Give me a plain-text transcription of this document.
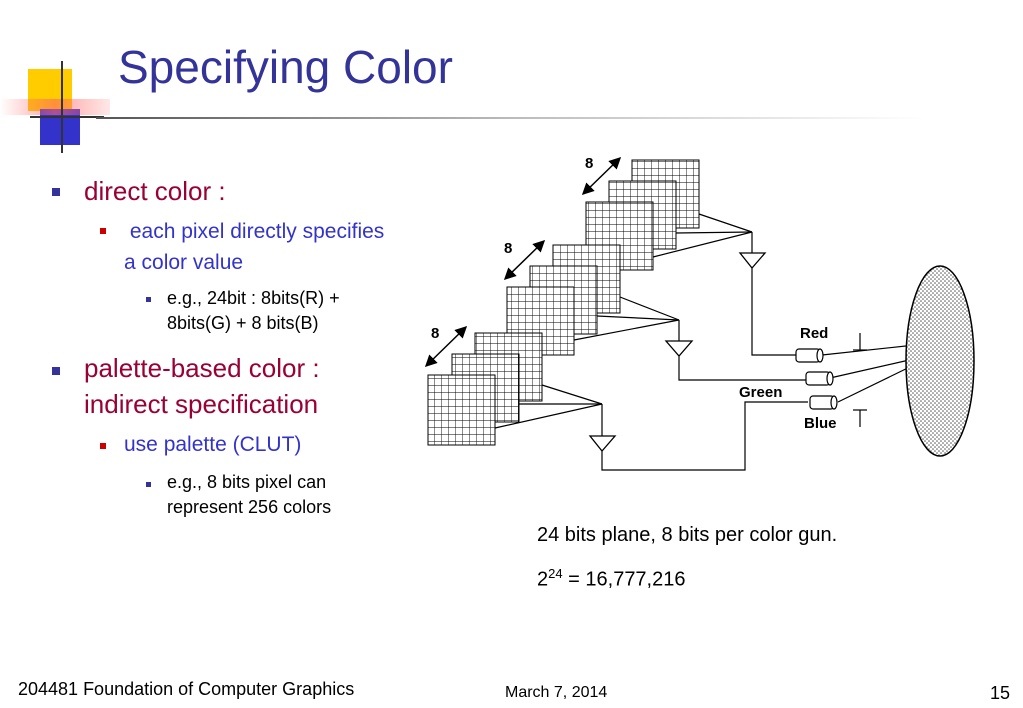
Specifying Color
direct color :
each pixel directly specifies a color value
e.g., 24bit : 8bits(R) + 8bits(G) + 8 bits(B)
palette-based color : indirect specification
use palette (CLUT)
e.g., 8 bits pixel can represent 256 colors
8
8
8	Red
Green
Blue
24 bits plane, 8 bits per color gun.
$2^{24} = 16,777,216$
204481 Foundation of Computer Graphics	March 7, 2014	15
